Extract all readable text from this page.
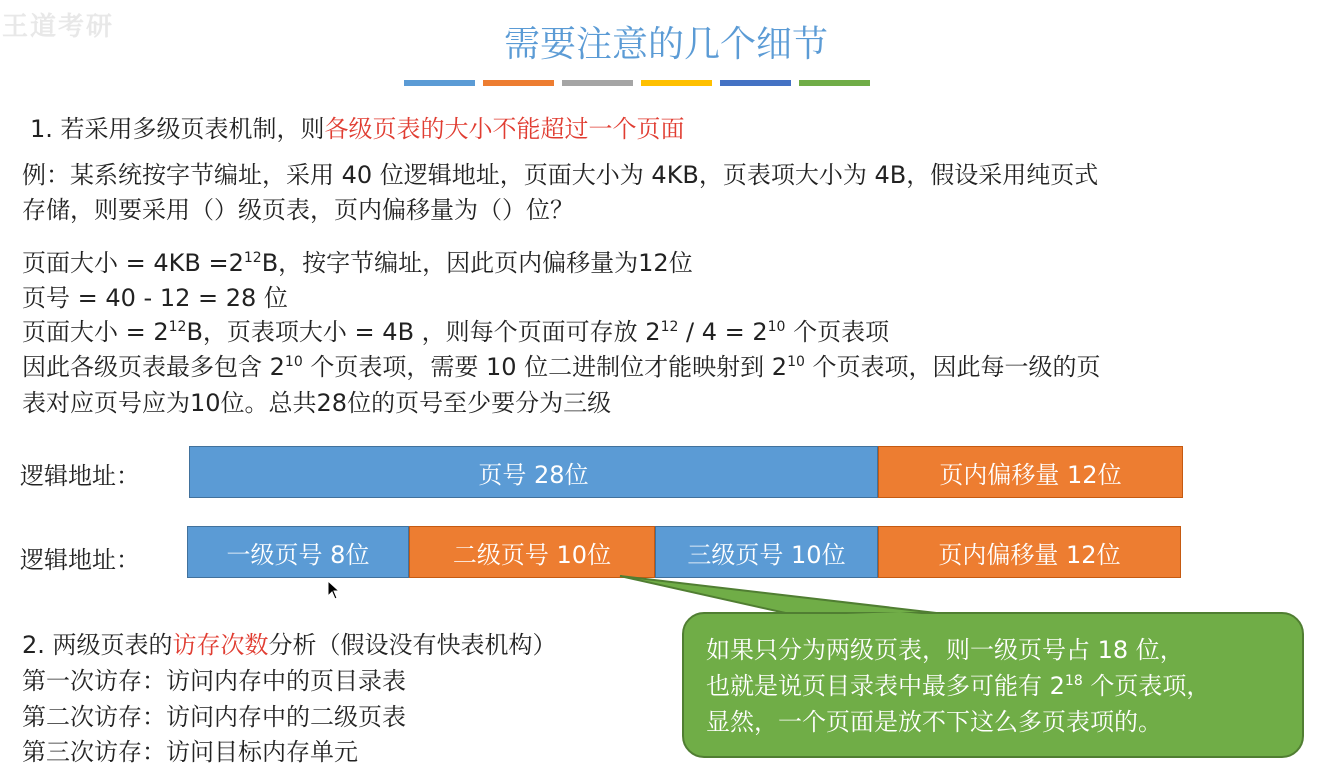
王道考研	需要注意的几个细节
1. 若采用多级页表机制，则各级页表的大小不能超过一个页面
例：某系统按字节编址，采用 40 位逻辑地址，页面大小为 4KB，页表项大小为 4B，假设采用纯页式
存储，则要采用（）级页表，页内偏移量为（）位？
页面大小 = $4KB =2^{12}B$，按字节编址，因此页内偏移量为12位
页号 = 40 - 12 = 28 位
页面大小 = $2^{12}B$，页表项大小 = 4B ，则每个页面可存放 $2^{12} / 4 = 2^{10}$ 个页表项
因此各级页表最多包含 $2^{10}$ 个页表项，需要 10 位二进制位才能映射到 $2^{10}$ 个页表项，因此每一级的页
表对应页号应为10位。总共28位的页号至少要分为三级
逻辑地址：	页号 28位	页内偏移量 12位
逻辑地址：	一级页号 8位	二级页号 10位	三级页号 10位	页内偏移量 12位
2. 两级页表的访存次数分析（假设没有快表机构）
第一次访存：访问内存中的页目录表
第二次访存：访问内存中的二级页表
第三次访存：访问目标内存单元
如果只分为两级页表，则一级页号占 18 位，
也就是说页目录表中最多可能有 $2^{18}$ 个页表项，
显然，一个页面是放不下这么多页表项的。
